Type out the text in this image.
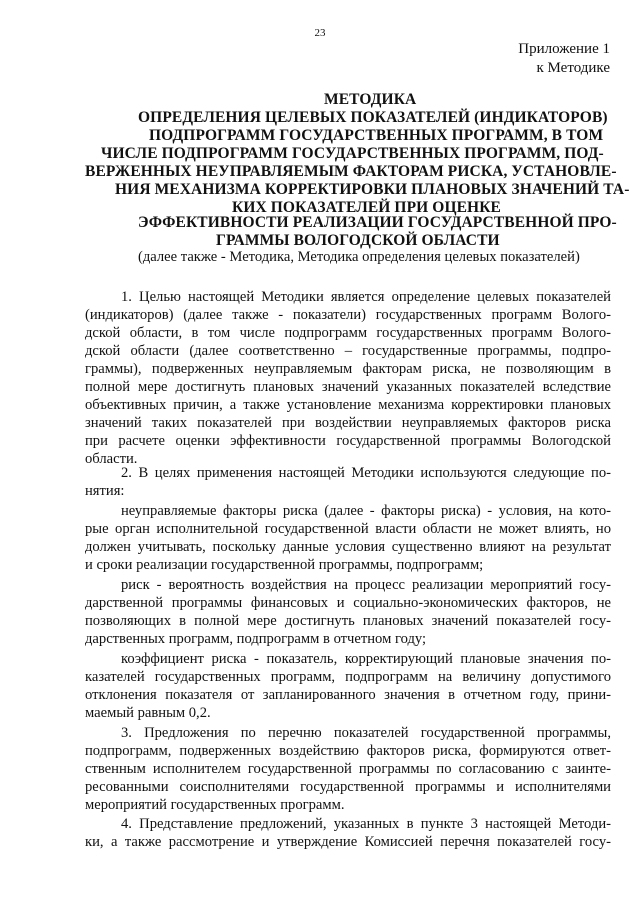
23
Приложение 1
к Методике
МЕТОДИКА
ОПРЕДЕЛЕНИЯ ЦЕЛЕВЫХ ПОКАЗАТЕЛЕЙ (ИНДИКАТОРОВ)
ПОДПРОГРАММ ГОСУДАРСТВЕННЫХ ПРОГРАММ, В ТОМ
ЧИСЛЕ ПОДПРОГРАММ ГОСУДАРСТВЕННЫХ ПРОГРАММ, ПОД-
ВЕРЖЕННЫХ НЕУПРАВЛЯЕМЫМ ФАКТОРАМ РИСКА, УСТАНОВЛЕ-
НИЯ МЕХАНИЗМА КОРРЕКТИРОВКИ ПЛАНОВЫХ ЗНАЧЕНИЙ ТА-
КИХ ПОКАЗАТЕЛЕЙ ПРИ ОЦЕНКЕ
ЭФФЕКТИВНОСТИ РЕАЛИЗАЦИИ ГОСУДАРСТВЕННОЙ ПРО-
ГРАММЫ ВОЛОГОДСКОЙ ОБЛАСТИ
(далее также - Методика, Методика определения целевых показателей)
1. Целью настоящей Методики является определение целевых показателей
(индикаторов) (далее также - показатели) государственных программ Волого-
дской области, в том числе подпрограмм государственных программ Волого-
дской области (далее соответственно – государственные программы, подпро-
граммы), подверженных неуправляемым факторам риска, не позволяющим в
полной мере достигнуть плановых значений указанных показателей вследствие
объективных причин, а также установление механизма корректировки плановых
значений таких показателей при воздействии неуправляемых факторов риска
при расчете оценки эффективности государственной программы Вологодской
области.
2. В целях применения настоящей Методики используются следующие по-
нятия:
неуправляемые факторы риска (далее - факторы риска) - условия, на кото-
рые орган исполнительной государственной власти области не может влиять, но
должен учитывать, поскольку данные условия существенно влияют на результат
и сроки реализации государственной программы, подпрограмм;
риск - вероятность воздействия на процесс реализации мероприятий госу-
дарственной программы финансовых и социально-экономических факторов, не
позволяющих в полной мере достигнуть плановых значений показателей госу-
дарственных программ, подпрограмм в отчетном году;
коэффициент риска - показатель, корректирующий плановые значения по-
казателей государственных программ, подпрограмм на величину допустимого
отклонения показателя от запланированного значения в отчетном году, прини-
маемый равным 0,2.
3. Предложения по перечню показателей государственной программы,
подпрограмм, подверженных воздействию факторов риска, формируются ответ-
ственным исполнителем государственной программы по согласованию с заинте-
ресованными соисполнителями государственной программы и исполнителями
мероприятий государственных программ.
4. Представление предложений, указанных в пункте 3 настоящей Методи-
ки, а также рассмотрение и утверждение Комиссией перечня показателей госу-
